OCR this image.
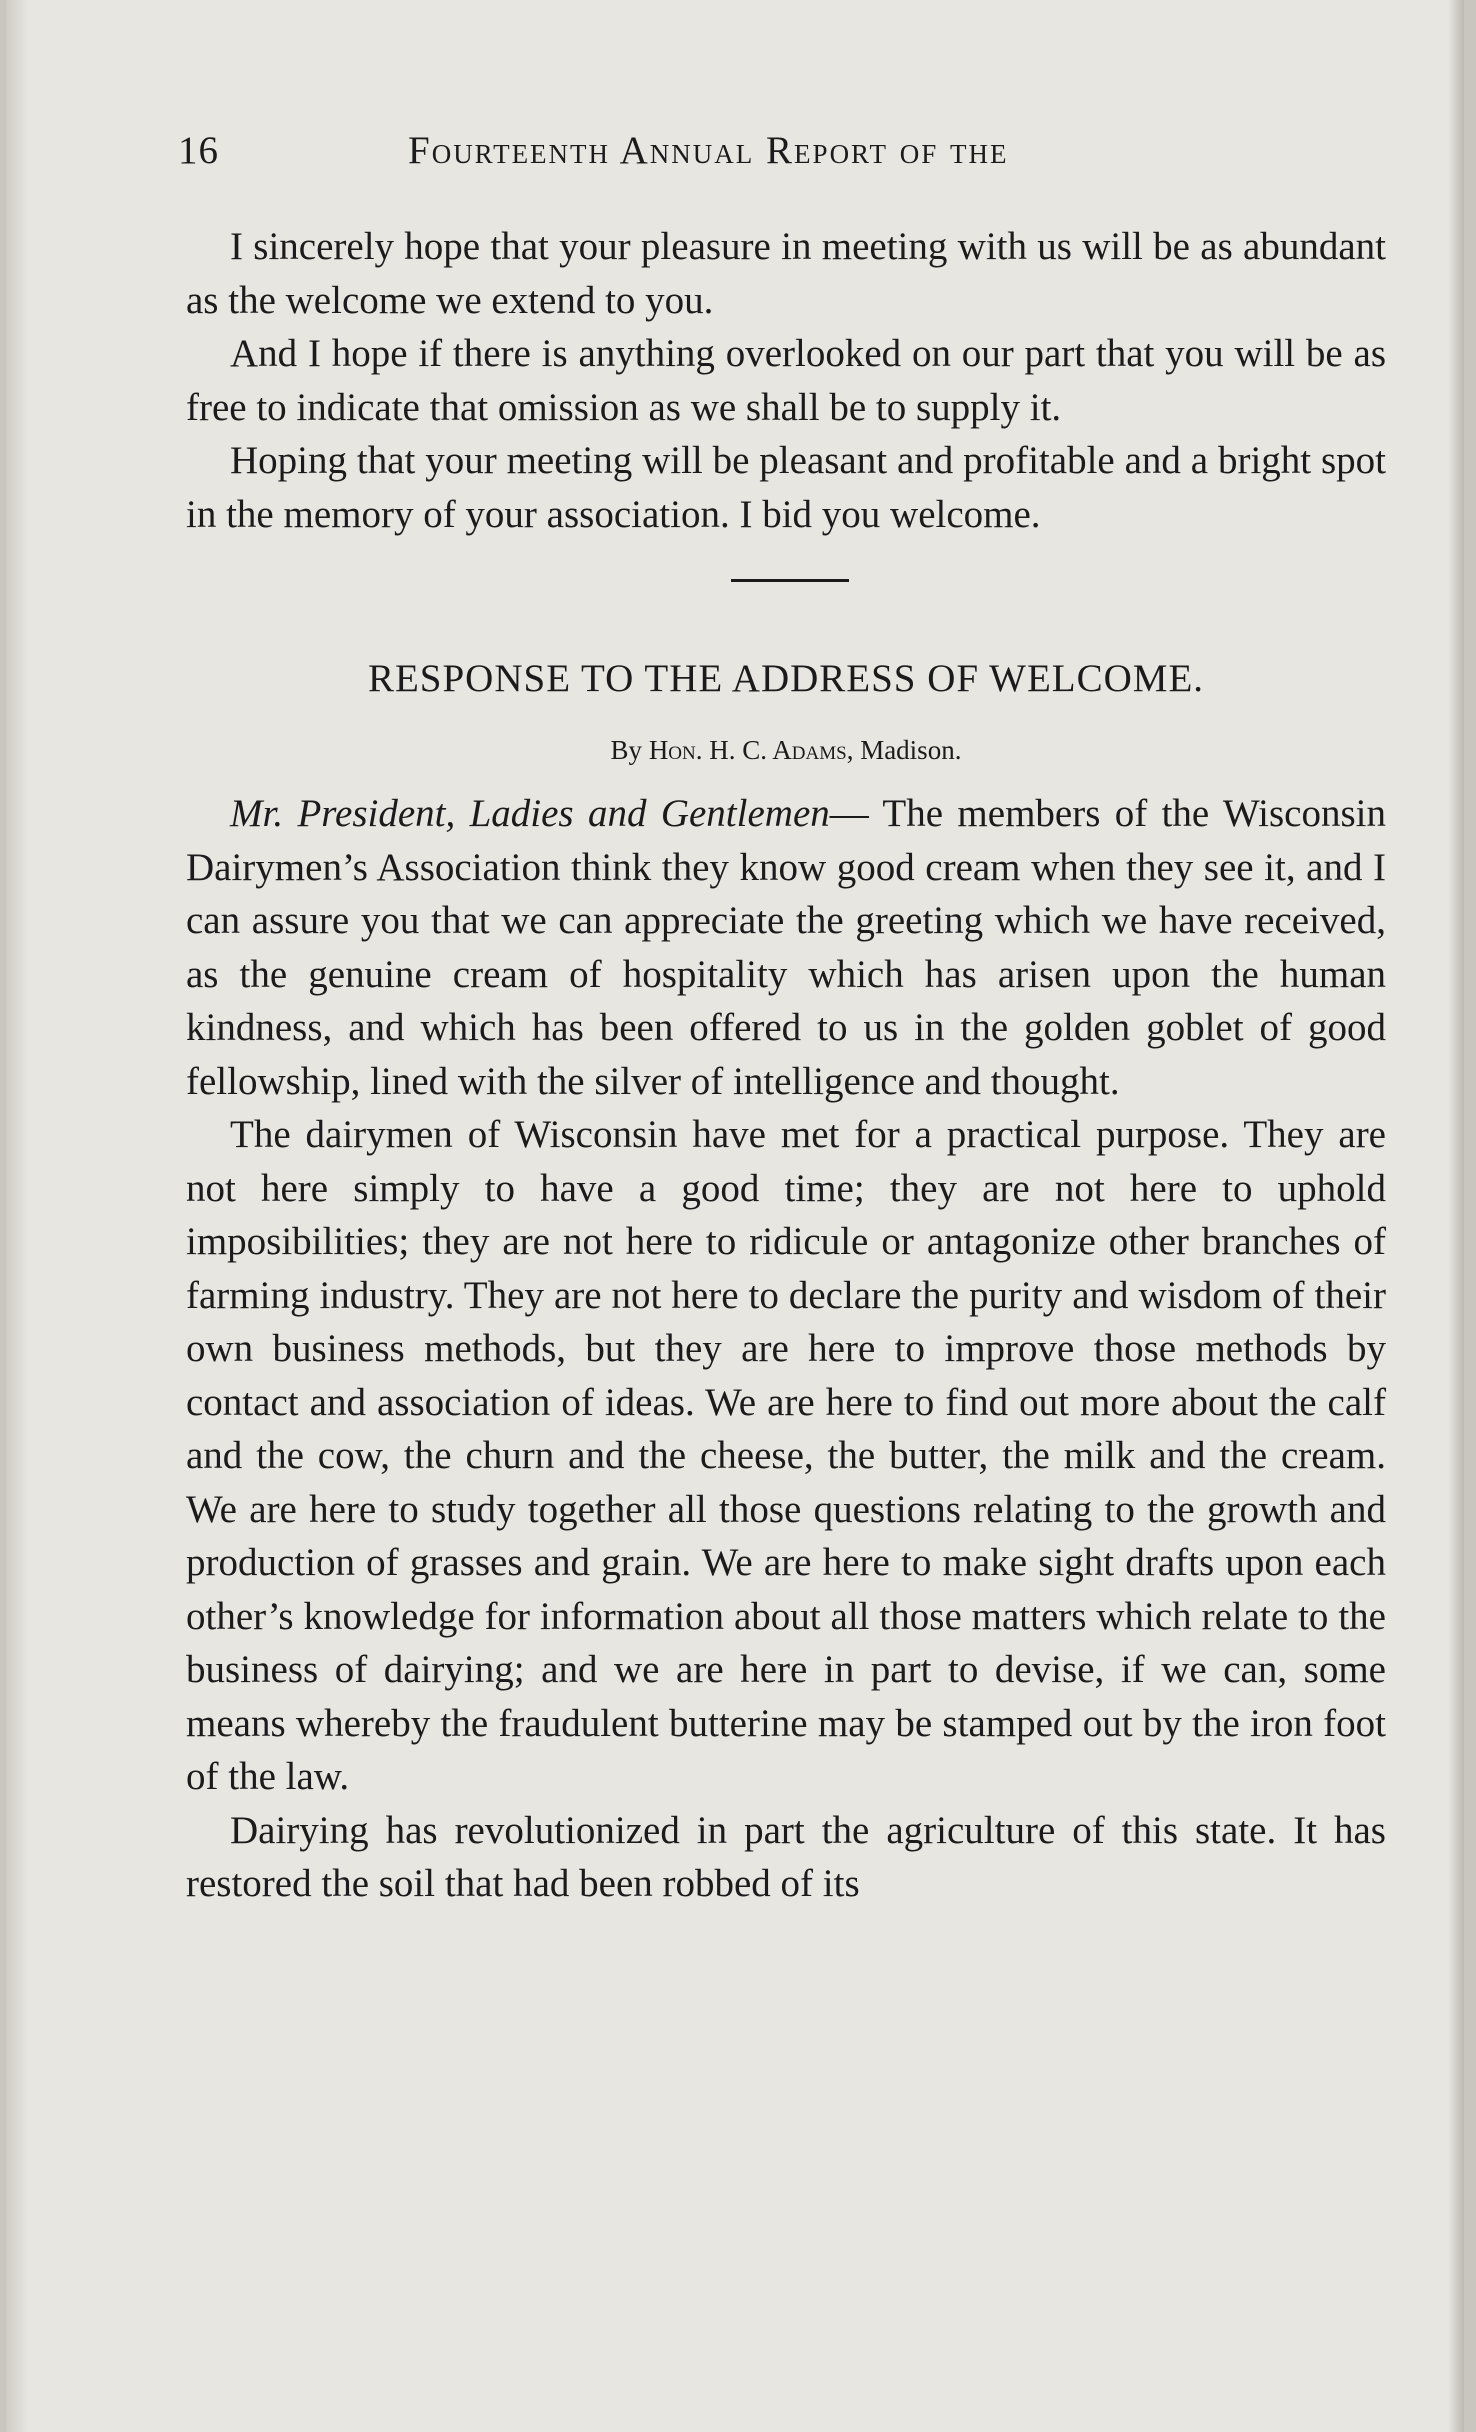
16	Fourteenth Annual Report of the

I sincerely hope that your pleasure in meeting with us will be as abundant as the welcome we extend to you.

And I hope if there is anything overlooked on our part that you will be as free to indicate that omission as we shall be to supply it.

Hoping that your meeting will be pleasant and profitable and a bright spot in the memory of your association. I bid you welcome.

RESPONSE TO THE ADDRESS OF WELCOME.
By Hon. H. C. Adams, Madison.

Mr. President, Ladies and Gentlemen— The members of the Wisconsin Dairymen’s Association think they know good cream when they see it, and I can assure you that we can appreciate the greeting which we have received, as the genuine cream of hospitality which has arisen upon the human kindness, and which has been offered to us in the golden goblet of good fellowship, lined with the silver of intelligence and thought.

The dairymen of Wisconsin have met for a practical purpose. They are not here simply to have a good time; they are not here to uphold imposibilities; they are not here to ridicule or antagonize other branches of farming industry. They are not here to declare the purity and wisdom of their own business methods, but they are here to improve those methods by contact and association of ideas. We are here to find out more about the calf and the cow, the churn and the cheese, the butter, the milk and the cream. We are here to study together all those questions relating to the growth and production of grasses and grain. We are here to make sight drafts upon each other’s knowledge for information about all those matters which relate to the business of dairying; and we are here in part to devise, if we can, some means whereby the fraudulent butterine may be stamped out by the iron foot of the law.

Dairying has revolutionized in part the agriculture of this state. It has restored the soil that had been robbed of its
